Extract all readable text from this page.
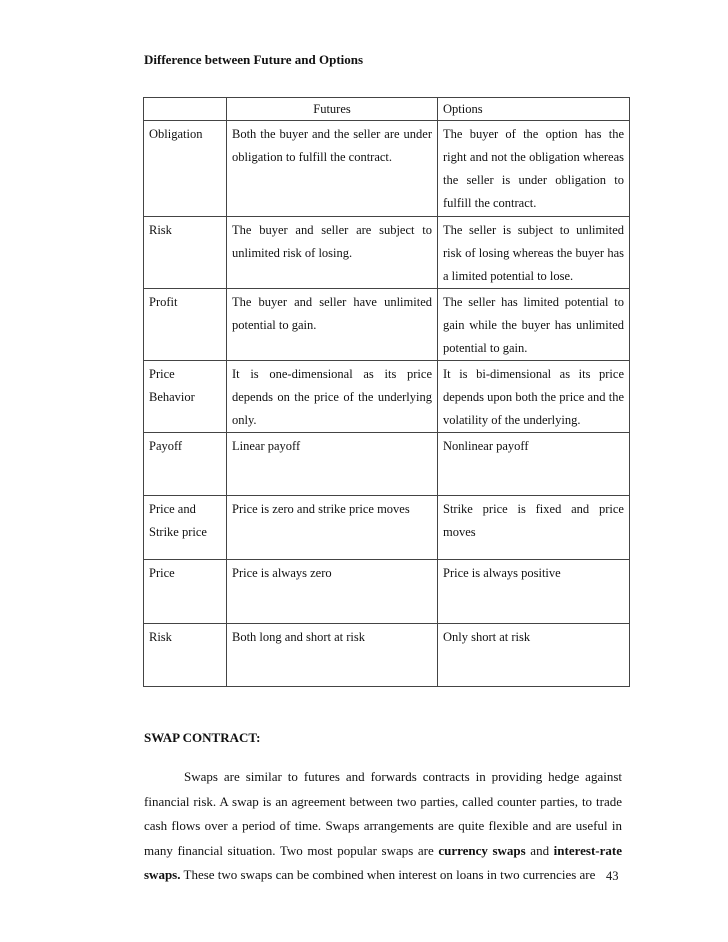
Difference between Future and Options
	Futures	Options
Obligation	Both the buyer and the seller are under obligation to fulfill the contract.	The buyer of the option has the right and not the obligation whereas the seller is under obligation to fulfill the contract.
Risk	The buyer and seller are subject to unlimited risk of losing.	The seller is subject to unlimited risk of losing whereas the buyer has a limited potential to lose.
Profit	The buyer and seller have unlimited potential to gain.	The seller has limited potential to gain while the buyer has unlimited potential to gain.
Price Behavior	It is one-dimensional as its price depends on the price of the underlying only.	It is bi-dimensional as its price depends upon both the price and the volatility of the underlying.
Payoff	Linear payoff	Nonlinear payoff
Price and Strike price	Price is zero and strike price moves	Strike price is fixed and price moves
Price	Price is always zero	Price is always positive
Risk	Both long and short at risk	Only short at risk
SWAP CONTRACT:

Swaps are similar to futures and forwards contracts in providing hedge against financial risk. A swap is an agreement between two parties, called counter parties, to trade cash flows over a period of time. Swaps arrangements are quite flexible and are useful in many financial situation. Two most popular swaps are currency swaps and interest-rate swaps. These two swaps can be combined when interest on loans in two currencies are 43
